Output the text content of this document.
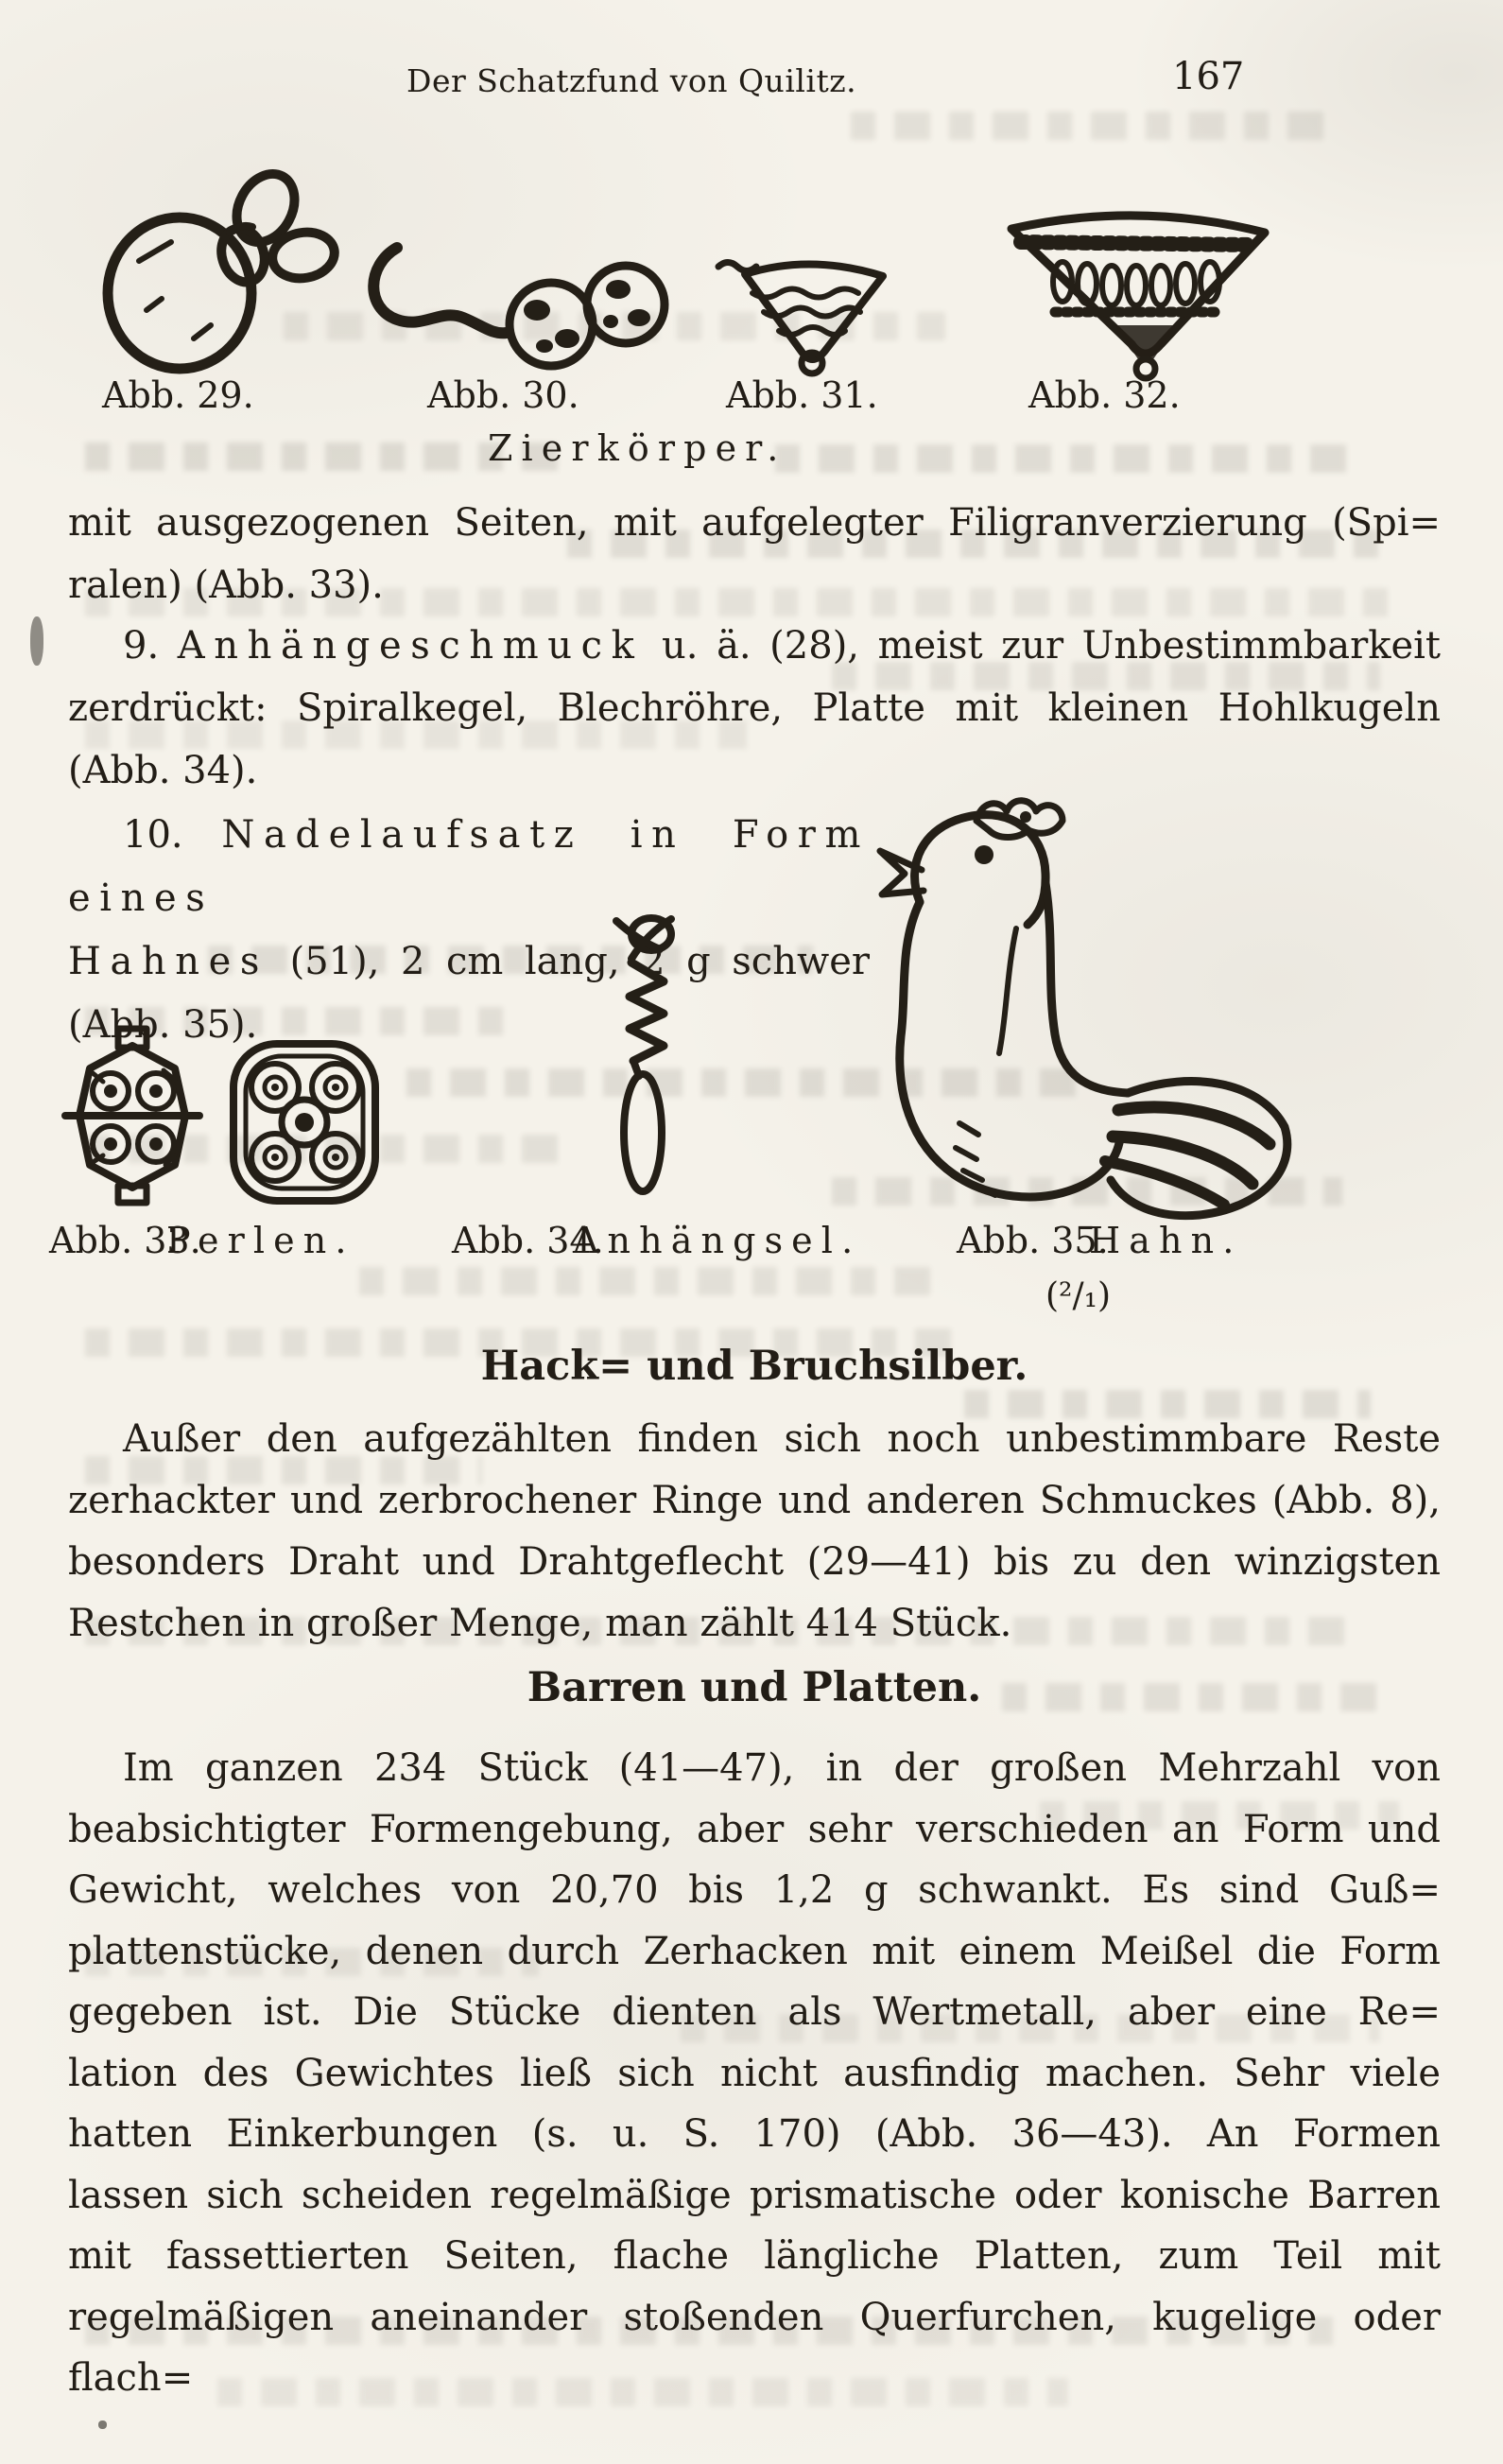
Der Schatzfund von Quilitz.	167
Abb. 29.	Abb. 30.	Abb. 31.	Abb. 32.
Zierkörper.
mit ausgezogenen Seiten, mit aufgelegter Filigranverzierung (Spi=
ralen) (Abb. 33).
9. Anhängeschmuck u. ä. (28), meist zur Unbestimmbarkeit
zerdrückt: Spiralkegel, Blechröhre, Platte mit kleinen Hohlkugeln
(Abb. 34).
10. Nadelaufsatz in Form eines
Hahnes (51), 2 cm lang, 2 g schwer
(Abb. 35).
Abb. 33.
Perlen.	Abb. 34.
Anhängsel.	Abb. 35.
Hahn.
(²/₁)
Hack= und Bruchsilber.
Außer den aufgezählten finden sich noch unbestimmbare Reste
zerhackter und zerbrochener Ringe und anderen Schmuckes (Abb. 8),
besonders Draht und Drahtgeflecht (29—41) bis zu den winzigsten
Restchen in großer Menge, man zählt 414 Stück.
Barren und Platten.
Im ganzen 234 Stück (41—47), in der großen Mehrzahl von
beabsichtigter Formengebung, aber sehr verschieden an Form und
Gewicht, welches von 20,70 bis 1,2 g schwankt. Es sind Guß=
plattenstücke, denen durch Zerhacken mit einem Meißel die Form
gegeben ist. Die Stücke dienten als Wertmetall, aber eine Re=
lation des Gewichtes ließ sich nicht ausfindig machen. Sehr viele
hatten Einkerbungen (s. u. S. 170) (Abb. 36—43). An Formen
lassen sich scheiden regelmäßige prismatische oder konische Barren
mit fassettierten Seiten, flache längliche Platten, zum Teil mit
regelmäßigen aneinander stoßenden Querfurchen, kugelige oder flach=
